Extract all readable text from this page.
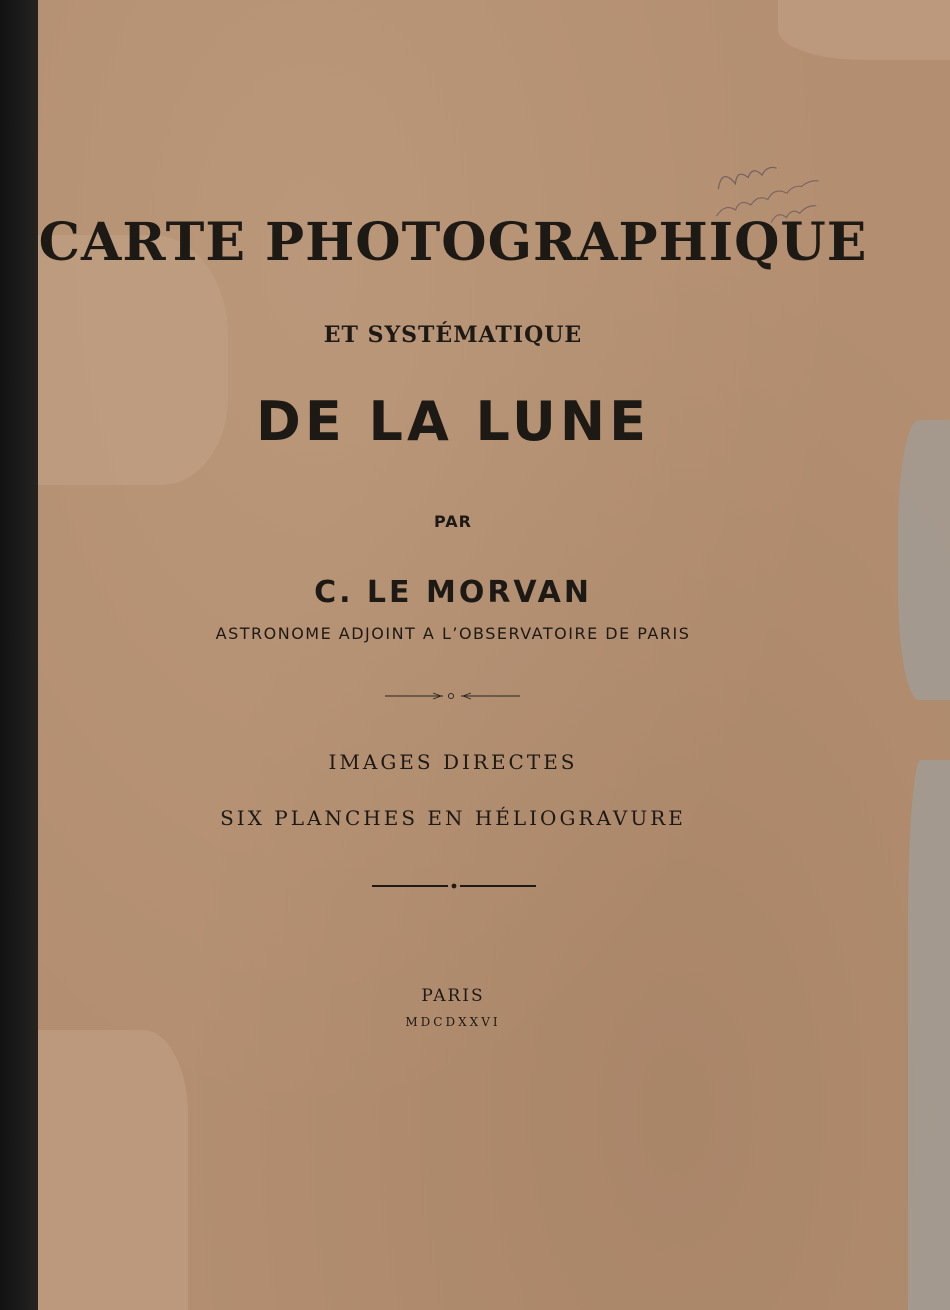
CARTE PHOTOGRAPHIQUE
ET SYSTÉMATIQUE
DE LA LUNE
PAR
C. LE MORVAN
ASTRONOME ADJOINT A L’OBSERVATOIRE DE PARIS
IMAGES DIRECTES
SIX PLANCHES EN HÉLIOGRAVURE
PARIS
MDCDXXVI
